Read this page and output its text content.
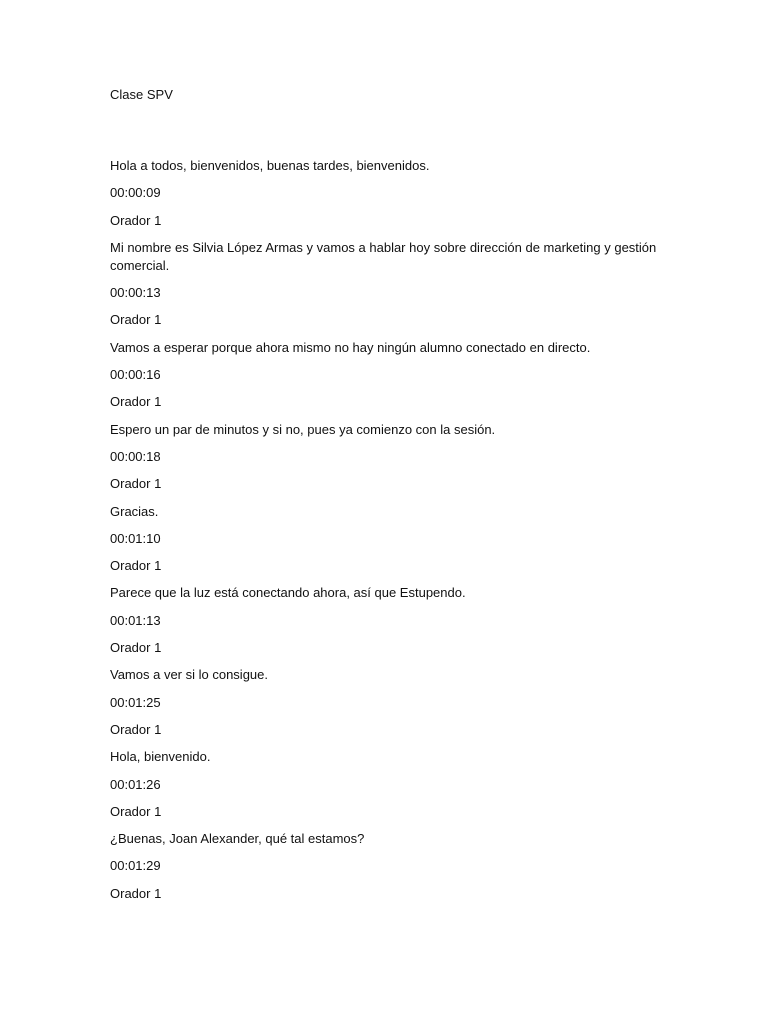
Clase SPV

Hola a todos, bienvenidos, buenas tardes, bienvenidos.

00:00:09

Orador 1

Mi nombre es Silvia López Armas y vamos a hablar hoy sobre dirección de marketing y gestión comercial.

00:00:13

Orador 1

Vamos a esperar porque ahora mismo no hay ningún alumno conectado en directo.

00:00:16

Orador 1

Espero un par de minutos y si no, pues ya comienzo con la sesión.

00:00:18

Orador 1

Gracias.

00:01:10

Orador 1

Parece que la luz está conectando ahora, así que Estupendo.

00:01:13

Orador 1

Vamos a ver si lo consigue.

00:01:25

Orador 1

Hola, bienvenido.

00:01:26

Orador 1

¿Buenas, Joan Alexander, qué tal estamos?

00:01:29

Orador 1
